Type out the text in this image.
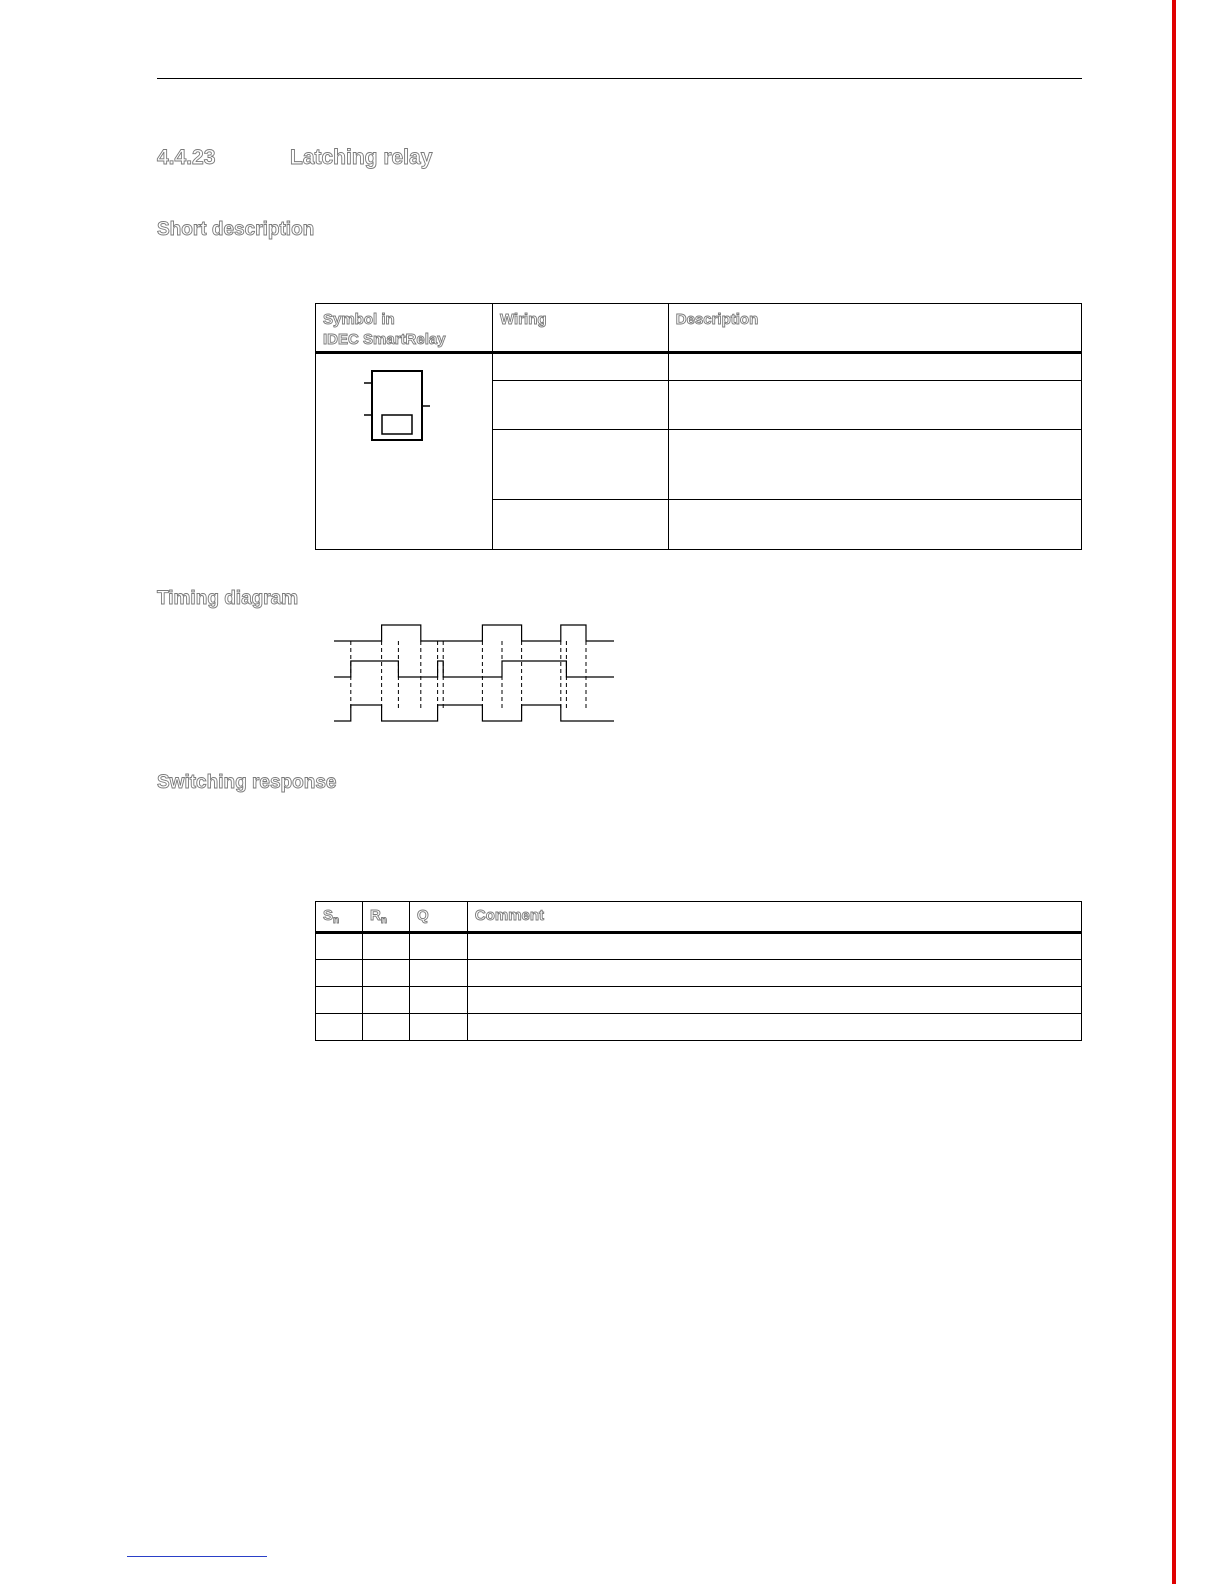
4.4.23	Latching relay
Short description
Symbol in
IDEC SmartRelay	Wiring	Description

Timing diagram
Switching response
$S_n$	$R_n$	Q	Comment
